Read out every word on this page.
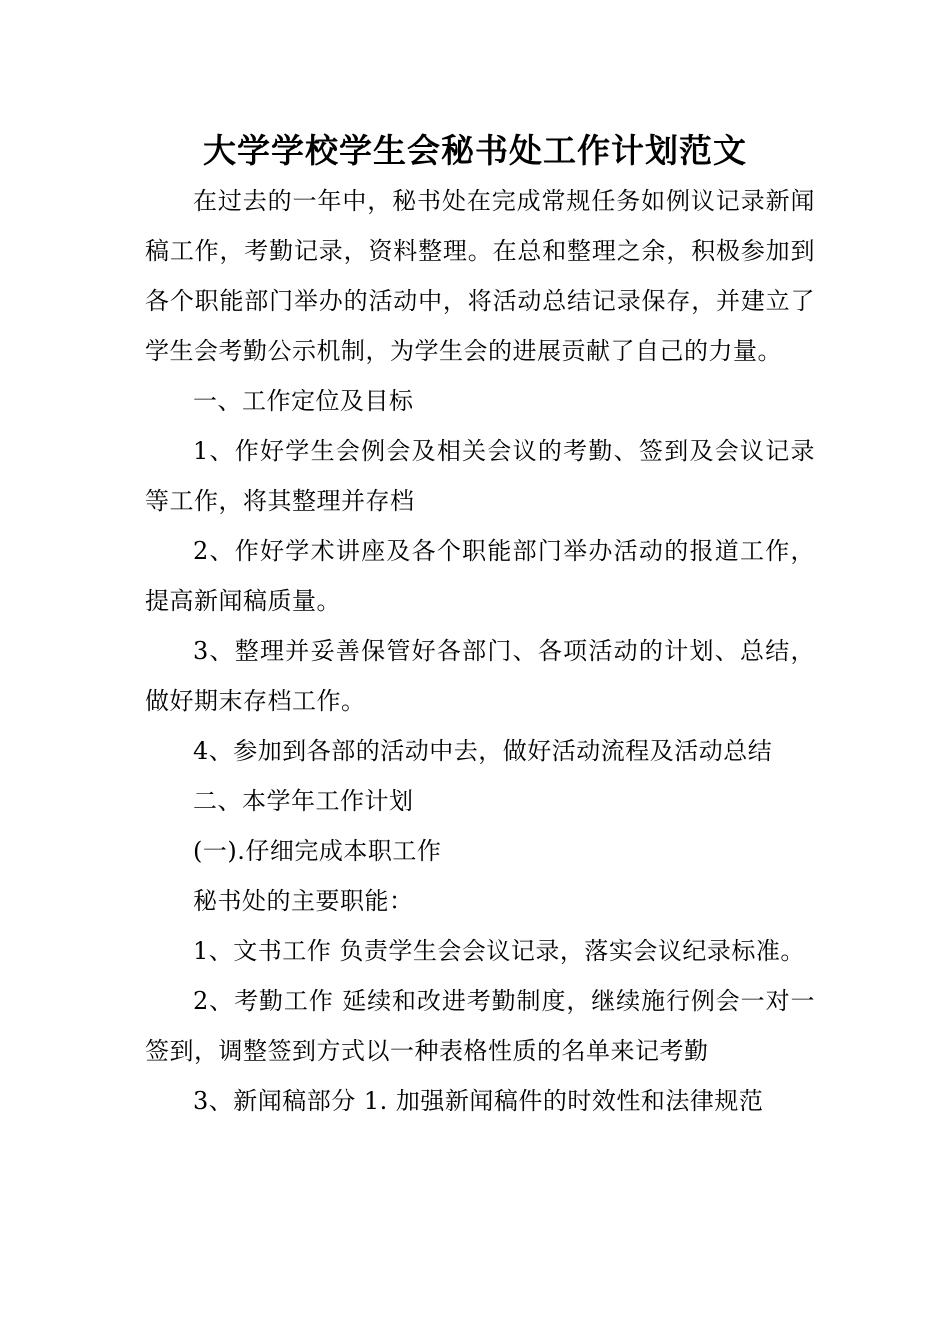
大学学校学生会秘书处工作计划范文

在过去的一年中，秘书处在完成常规任务如例议记录新闻稿工作，考勤记录，资料整理。在总和整理之余，积极参加到各个职能部门举办的活动中，将活动总结记录保存，并建立了学生会考勤公示机制，为学生会的进展贡献了自己的力量。

一、工作定位及目标

1、作好学生会例会及相关会议的考勤、签到及会议记录等工作，将其整理并存档

2、作好学术讲座及各个职能部门举办活动的报道工作，提高新闻稿质量。

3、整理并妥善保管好各部门、各项活动的计划、总结，做好期末存档工作。

4、参加到各部的活动中去，做好活动流程及活动总结

二、本学年工作计划

(一).仔细完成本职工作

秘书处的主要职能：

1、文书工作 负责学生会会议记录，落实会议纪录标准。

2、考勤工作 延续和改进考勤制度，继续施行例会一对一签到，调整签到方式以一种表格性质的名单来记考勤

3、新闻稿部分 1. 加强新闻稿件的时效性和法律规范
